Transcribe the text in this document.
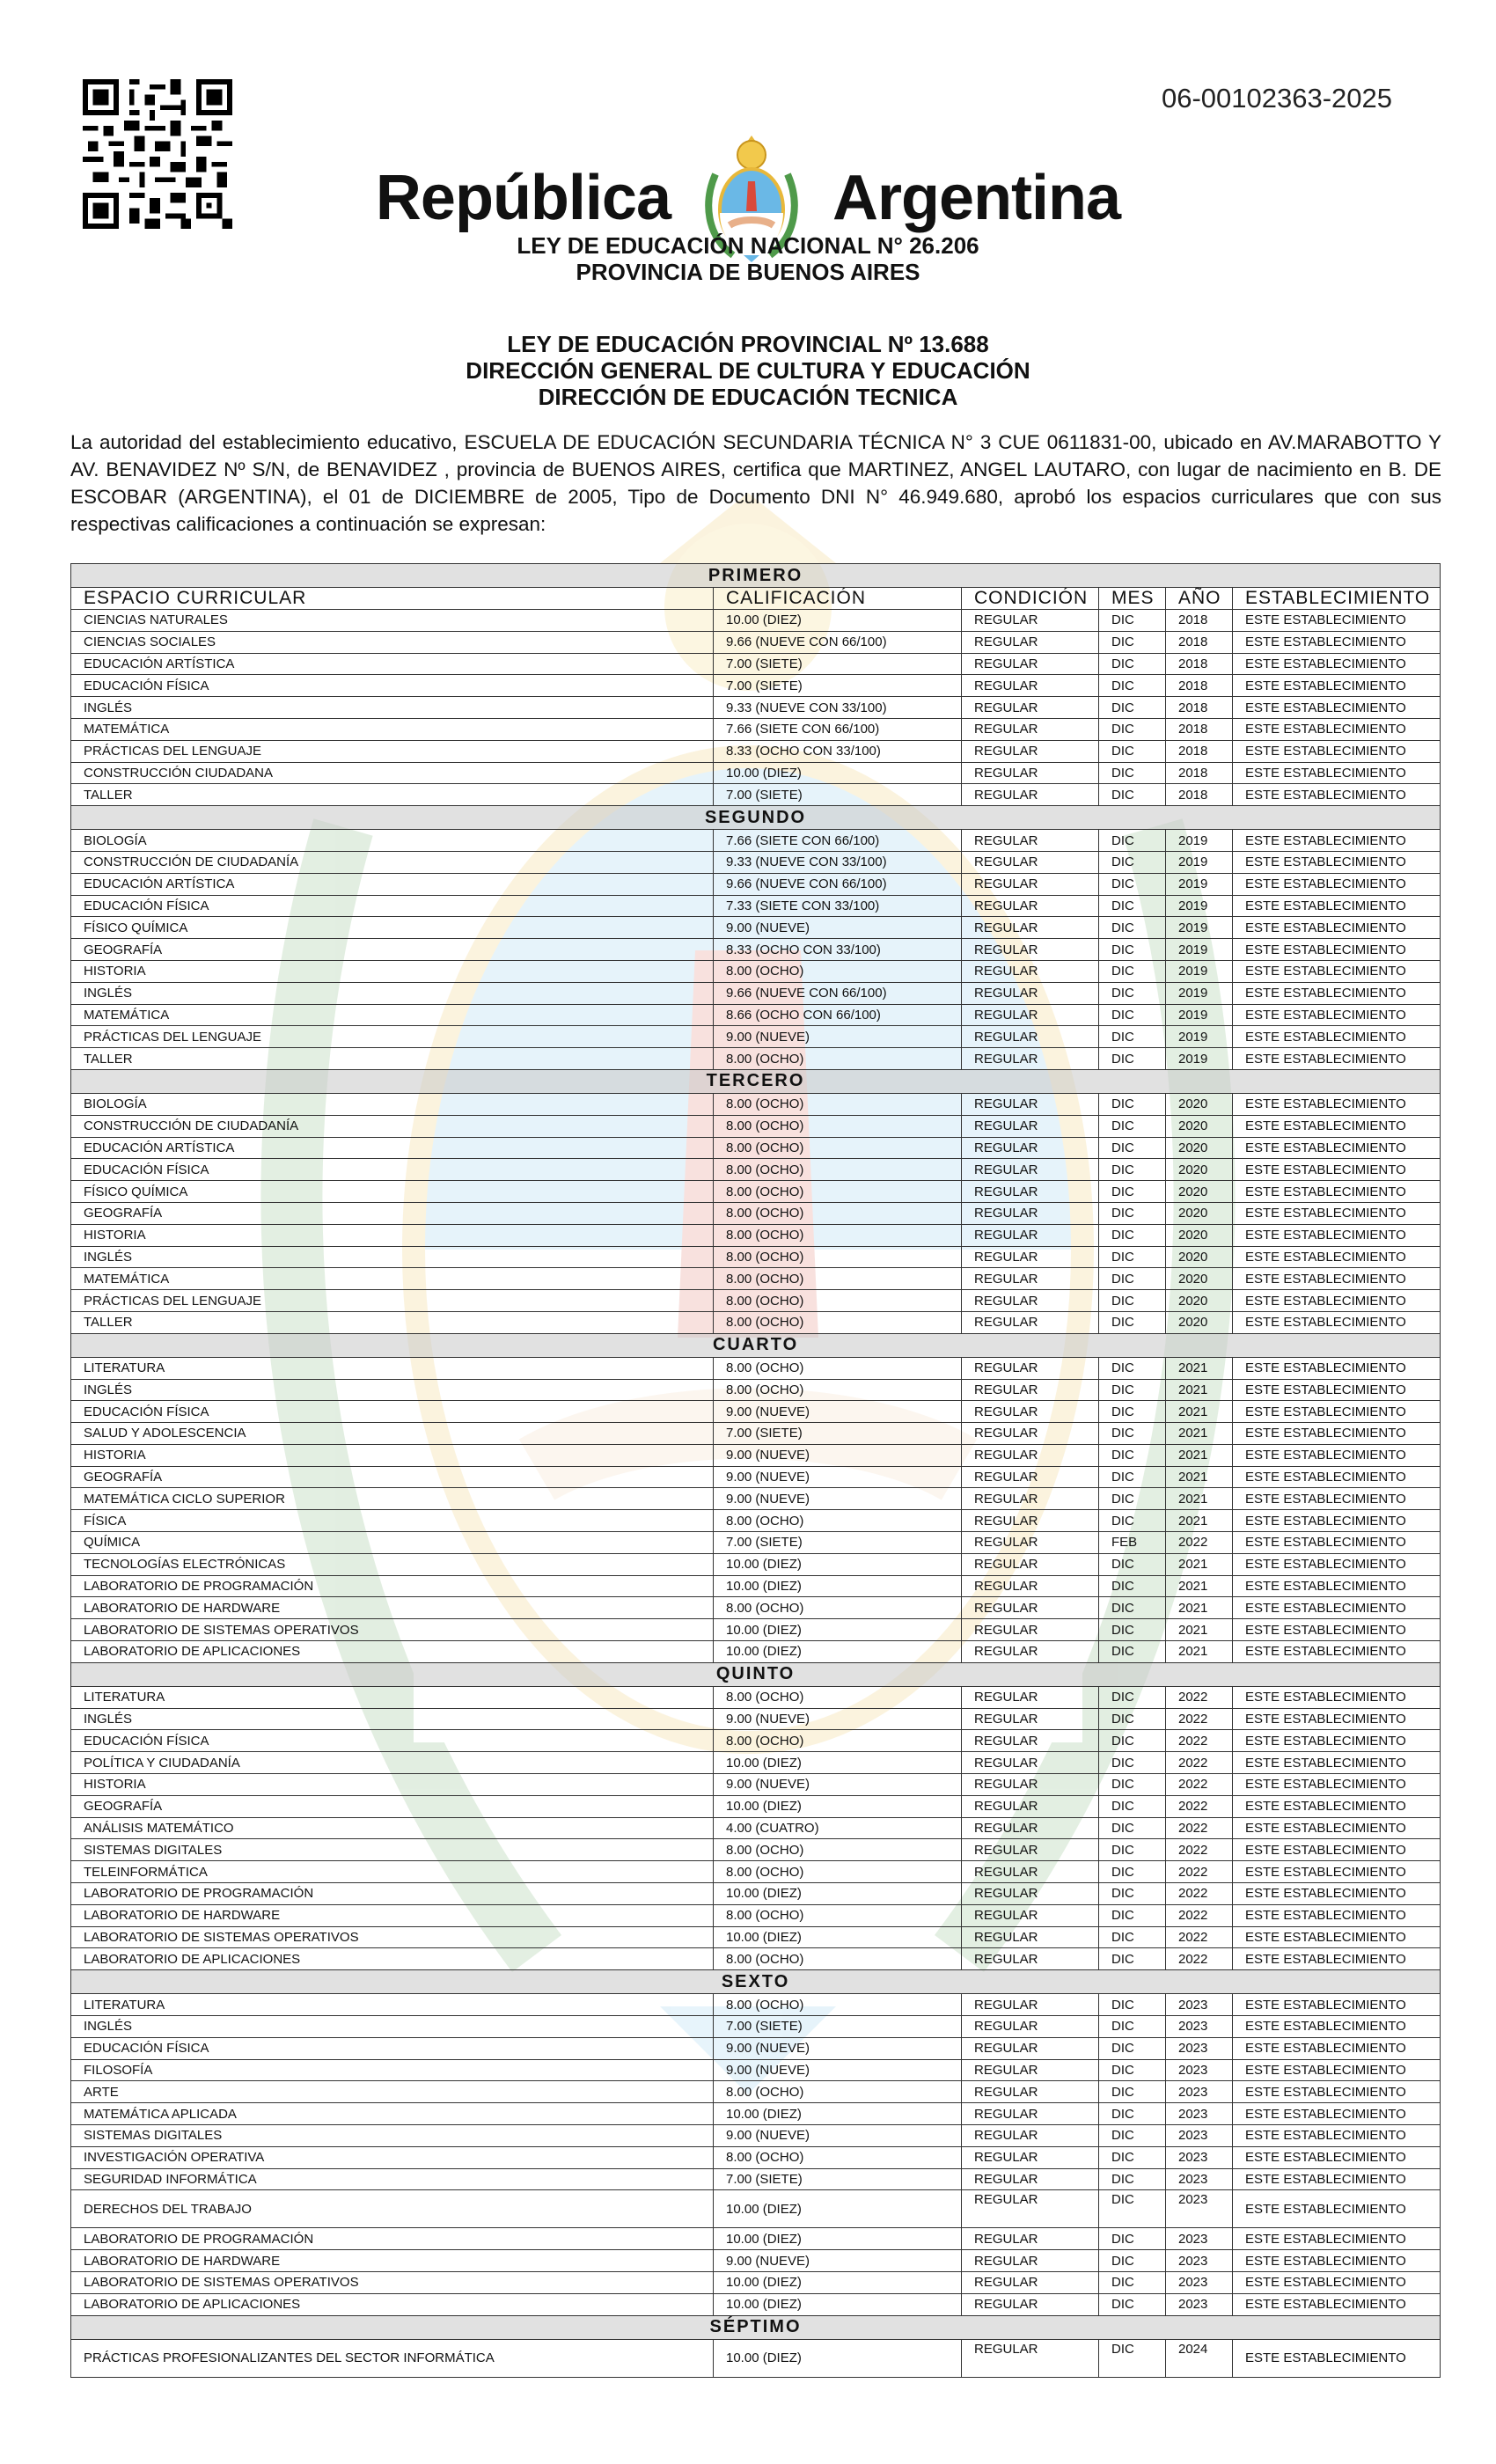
06-00102363-2025
República	Argentina
LEY DE EDUCACIÓN NACIONAL N° 26.206
PROVINCIA DE BUENOS AIRES
LEY DE EDUCACIÓN PROVINCIAL Nº 13.688
DIRECCIÓN GENERAL DE CULTURA Y EDUCACIÓN
DIRECCIÓN DE EDUCACIÓN TECNICA
La autoridad del establecimiento educativo, ESCUELA DE EDUCACIÓN SECUNDARIA TÉCNICA N° 3 CUE 0611831-00, ubicado en AV.MARABOTTO Y AV. BENAVIDEZ Nº S/N, de BENAVIDEZ , provincia de BUENOS AIRES, certifica que MARTINEZ, ANGEL LAUTARO, con lugar de nacimiento en B. DE ESCOBAR (ARGENTINA), el 01 de DICIEMBRE de 2005, Tipo de Documento DNI N° 46.949.680, aprobó los espacios curriculares que con sus respectivas calificaciones a continuación se expresan:
PRIMERO					
ESPACIO CURRICULAR	CALIFICACIÓN	CONDICIÓN	MES	AÑO	ESTABLECIMIENTO
CIENCIAS NATURALES	10.00 (DIEZ)	REGULAR	DIC	2018	ESTE ESTABLECIMIENTO
CIENCIAS SOCIALES	9.66 (NUEVE CON 66/100)	REGULAR	DIC	2018	ESTE ESTABLECIMIENTO
EDUCACIÓN ARTÍSTICA	7.00 (SIETE)	REGULAR	DIC	2018	ESTE ESTABLECIMIENTO
EDUCACIÓN FÍSICA	7.00 (SIETE)	REGULAR	DIC	2018	ESTE ESTABLECIMIENTO
INGLÉS	9.33 (NUEVE CON 33/100)	REGULAR	DIC	2018	ESTE ESTABLECIMIENTO
MATEMÁTICA	7.66 (SIETE CON 66/100)	REGULAR	DIC	2018	ESTE ESTABLECIMIENTO
PRÁCTICAS DEL LENGUAJE	8.33 (OCHO CON 33/100)	REGULAR	DIC	2018	ESTE ESTABLECIMIENTO
CONSTRUCCIÓN CIUDADANA	10.00 (DIEZ)	REGULAR	DIC	2018	ESTE ESTABLECIMIENTO
TALLER	7.00 (SIETE)	REGULAR	DIC	2018	ESTE ESTABLECIMIENTO
SEGUNDO					
BIOLOGÍA	7.66 (SIETE CON 66/100)	REGULAR	DIC	2019	ESTE ESTABLECIMIENTO
CONSTRUCCIÓN DE CIUDADANÍA	9.33 (NUEVE CON 33/100)	REGULAR	DIC	2019	ESTE ESTABLECIMIENTO
EDUCACIÓN ARTÍSTICA	9.66 (NUEVE CON 66/100)	REGULAR	DIC	2019	ESTE ESTABLECIMIENTO
EDUCACIÓN FÍSICA	7.33 (SIETE CON 33/100)	REGULAR	DIC	2019	ESTE ESTABLECIMIENTO
FÍSICO QUÍMICA	9.00 (NUEVE)	REGULAR	DIC	2019	ESTE ESTABLECIMIENTO
GEOGRAFÍA	8.33 (OCHO CON 33/100)	REGULAR	DIC	2019	ESTE ESTABLECIMIENTO
HISTORIA	8.00 (OCHO)	REGULAR	DIC	2019	ESTE ESTABLECIMIENTO
INGLÉS	9.66 (NUEVE CON 66/100)	REGULAR	DIC	2019	ESTE ESTABLECIMIENTO
MATEMÁTICA	8.66 (OCHO CON 66/100)	REGULAR	DIC	2019	ESTE ESTABLECIMIENTO
PRÁCTICAS DEL LENGUAJE	9.00 (NUEVE)	REGULAR	DIC	2019	ESTE ESTABLECIMIENTO
TALLER	8.00 (OCHO)	REGULAR	DIC	2019	ESTE ESTABLECIMIENTO
TERCERO					
BIOLOGÍA	8.00 (OCHO)	REGULAR	DIC	2020	ESTE ESTABLECIMIENTO
CONSTRUCCIÓN DE CIUDADANÍA	8.00 (OCHO)	REGULAR	DIC	2020	ESTE ESTABLECIMIENTO
EDUCACIÓN ARTÍSTICA	8.00 (OCHO)	REGULAR	DIC	2020	ESTE ESTABLECIMIENTO
EDUCACIÓN FÍSICA	8.00 (OCHO)	REGULAR	DIC	2020	ESTE ESTABLECIMIENTO
FÍSICO QUÍMICA	8.00 (OCHO)	REGULAR	DIC	2020	ESTE ESTABLECIMIENTO
GEOGRAFÍA	8.00 (OCHO)	REGULAR	DIC	2020	ESTE ESTABLECIMIENTO
HISTORIA	8.00 (OCHO)	REGULAR	DIC	2020	ESTE ESTABLECIMIENTO
INGLÉS	8.00 (OCHO)	REGULAR	DIC	2020	ESTE ESTABLECIMIENTO
MATEMÁTICA	8.00 (OCHO)	REGULAR	DIC	2020	ESTE ESTABLECIMIENTO
PRÁCTICAS DEL LENGUAJE	8.00 (OCHO)	REGULAR	DIC	2020	ESTE ESTABLECIMIENTO
TALLER	8.00 (OCHO)	REGULAR	DIC	2020	ESTE ESTABLECIMIENTO
CUARTO					
LITERATURA	8.00 (OCHO)	REGULAR	DIC	2021	ESTE ESTABLECIMIENTO
INGLÉS	8.00 (OCHO)	REGULAR	DIC	2021	ESTE ESTABLECIMIENTO
EDUCACIÓN FÍSICA	9.00 (NUEVE)	REGULAR	DIC	2021	ESTE ESTABLECIMIENTO
SALUD Y ADOLESCENCIA	7.00 (SIETE)	REGULAR	DIC	2021	ESTE ESTABLECIMIENTO
HISTORIA	9.00 (NUEVE)	REGULAR	DIC	2021	ESTE ESTABLECIMIENTO
GEOGRAFÍA	9.00 (NUEVE)	REGULAR	DIC	2021	ESTE ESTABLECIMIENTO
MATEMÁTICA CICLO SUPERIOR	9.00 (NUEVE)	REGULAR	DIC	2021	ESTE ESTABLECIMIENTO
FÍSICA	8.00 (OCHO)	REGULAR	DIC	2021	ESTE ESTABLECIMIENTO
QUÍMICA	7.00 (SIETE)	REGULAR	FEB	2022	ESTE ESTABLECIMIENTO
TECNOLOGÍAS ELECTRÓNICAS	10.00 (DIEZ)	REGULAR	DIC	2021	ESTE ESTABLECIMIENTO
LABORATORIO DE PROGRAMACIÓN	10.00 (DIEZ)	REGULAR	DIC	2021	ESTE ESTABLECIMIENTO
LABORATORIO DE HARDWARE	8.00 (OCHO)	REGULAR	DIC	2021	ESTE ESTABLECIMIENTO
LABORATORIO DE SISTEMAS OPERATIVOS	10.00 (DIEZ)	REGULAR	DIC	2021	ESTE ESTABLECIMIENTO
LABORATORIO DE APLICACIONES	10.00 (DIEZ)	REGULAR	DIC	2021	ESTE ESTABLECIMIENTO
QUINTO					
LITERATURA	8.00 (OCHO)	REGULAR	DIC	2022	ESTE ESTABLECIMIENTO
INGLÉS	9.00 (NUEVE)	REGULAR	DIC	2022	ESTE ESTABLECIMIENTO
EDUCACIÓN FÍSICA	8.00 (OCHO)	REGULAR	DIC	2022	ESTE ESTABLECIMIENTO
POLÍTICA Y CIUDADANÍA	10.00 (DIEZ)	REGULAR	DIC	2022	ESTE ESTABLECIMIENTO
HISTORIA	9.00 (NUEVE)	REGULAR	DIC	2022	ESTE ESTABLECIMIENTO
GEOGRAFÍA	10.00 (DIEZ)	REGULAR	DIC	2022	ESTE ESTABLECIMIENTO
ANÁLISIS MATEMÁTICO	4.00 (CUATRO)	REGULAR	DIC	2022	ESTE ESTABLECIMIENTO
SISTEMAS DIGITALES	8.00 (OCHO)	REGULAR	DIC	2022	ESTE ESTABLECIMIENTO
TELEINFORMÁTICA	8.00 (OCHO)	REGULAR	DIC	2022	ESTE ESTABLECIMIENTO
LABORATORIO DE PROGRAMACIÓN	10.00 (DIEZ)	REGULAR	DIC	2022	ESTE ESTABLECIMIENTO
LABORATORIO DE HARDWARE	8.00 (OCHO)	REGULAR	DIC	2022	ESTE ESTABLECIMIENTO
LABORATORIO DE SISTEMAS OPERATIVOS	10.00 (DIEZ)	REGULAR	DIC	2022	ESTE ESTABLECIMIENTO
LABORATORIO DE APLICACIONES	8.00 (OCHO)	REGULAR	DIC	2022	ESTE ESTABLECIMIENTO
SEXTO					
LITERATURA	8.00 (OCHO)	REGULAR	DIC	2023	ESTE ESTABLECIMIENTO
INGLÉS	7.00 (SIETE)	REGULAR	DIC	2023	ESTE ESTABLECIMIENTO
EDUCACIÓN FÍSICA	9.00 (NUEVE)	REGULAR	DIC	2023	ESTE ESTABLECIMIENTO
FILOSOFÍA	9.00 (NUEVE)	REGULAR	DIC	2023	ESTE ESTABLECIMIENTO
ARTE	8.00 (OCHO)	REGULAR	DIC	2023	ESTE ESTABLECIMIENTO
MATEMÁTICA APLICADA	10.00 (DIEZ)	REGULAR	DIC	2023	ESTE ESTABLECIMIENTO
SISTEMAS DIGITALES	9.00 (NUEVE)	REGULAR	DIC	2023	ESTE ESTABLECIMIENTO
INVESTIGACIÓN OPERATIVA	8.00 (OCHO)	REGULAR	DIC	2023	ESTE ESTABLECIMIENTO
SEGURIDAD INFORMÁTICA	7.00 (SIETE)	REGULAR	DIC	2023	ESTE ESTABLECIMIENTO
DERECHOS DEL TRABAJO	10.00 (DIEZ)	REGULAR	DIC	2023	ESTE ESTABLECIMIENTO
LABORATORIO DE PROGRAMACIÓN	10.00 (DIEZ)	REGULAR	DIC	2023	ESTE ESTABLECIMIENTO
LABORATORIO DE HARDWARE	9.00 (NUEVE)	REGULAR	DIC	2023	ESTE ESTABLECIMIENTO
LABORATORIO DE SISTEMAS OPERATIVOS	10.00 (DIEZ)	REGULAR	DIC	2023	ESTE ESTABLECIMIENTO
LABORATORIO DE APLICACIONES	10.00 (DIEZ)	REGULAR	DIC	2023	ESTE ESTABLECIMIENTO
SÉPTIMO					
PRÁCTICAS PROFESIONALIZANTES DEL SECTOR INFORMÁTICA	10.00 (DIEZ)	REGULAR	DIC	2024	ESTE ESTABLECIMIENTO
